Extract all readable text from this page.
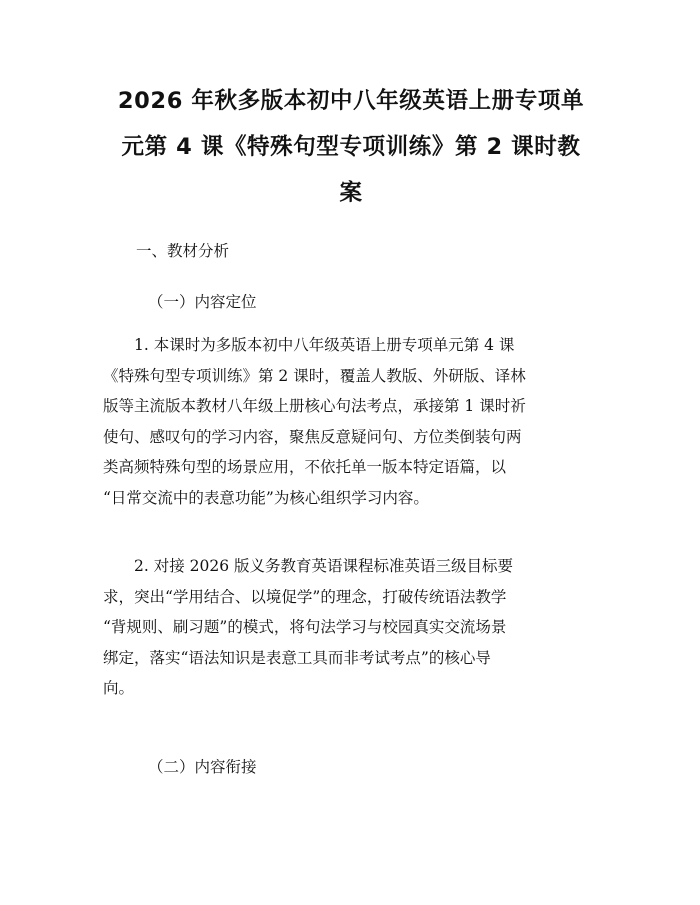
2026 年秋多版本初中八年级英语上册专项单
元第 4 课《特殊句型专项训练》第 2 课时教
案
一、教材分析
（一）内容定位
　　1. 本课时为多版本初中八年级英语上册专项单元第 4 课
《特殊句型专项训练》第 2 课时，覆盖人教版、外研版、译林
版等主流版本教材八年级上册核心句法考点，承接第 1 课时祈
使句、感叹句的学习内容，聚焦反意疑问句、方位类倒装句两
类高频特殊句型的场景应用，不依托单一版本特定语篇，以
“日常交流中的表意功能”为核心组织学习内容。
　　2. 对接 2026 版义务教育英语课程标准英语三级目标要
求，突出“学用结合、以境促学”的理念，打破传统语法教学
“背规则、刷习题”的模式，将句法学习与校园真实交流场景
绑定，落实“语法知识是表意工具而非考试考点”的核心导
向。
（二）内容衔接
